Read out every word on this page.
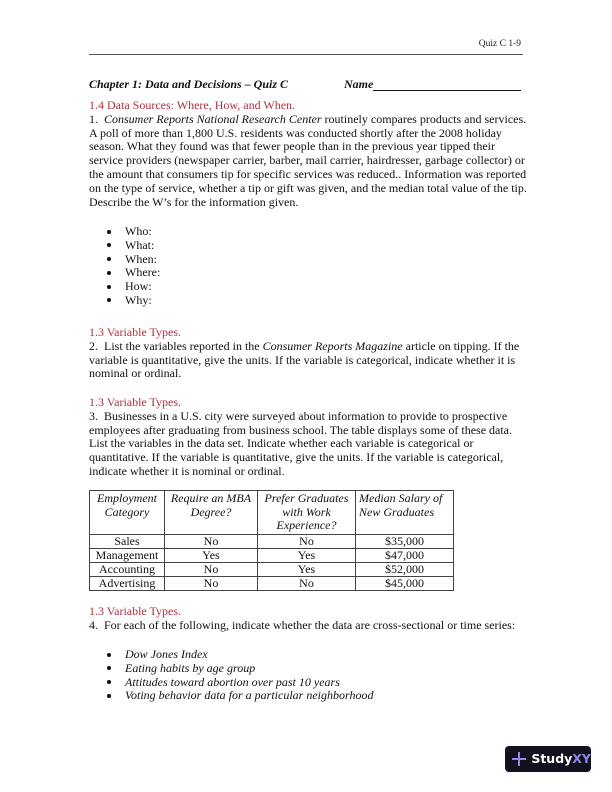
Quiz C 1-9
Chapter 1: Data and Decisions – Quiz C	Name
1.4 Data Sources: Where, How, and When.
1. Consumer Reports National Research Center routinely compares products and services. A poll of more than 1,800 U.S. residents was conducted shortly after the 2008 holiday season. What they found was that fewer people than in the previous year tipped their service providers (newspaper carrier, barber, mail carrier, hairdresser, garbage collector) or the amount that consumers tip for specific services was reduced.. Information was reported on the type of service, whether a tip or gift was given, and the median total value of the tip. Describe the W’s for the information given.
Who:
What:
When:
Where:
How:
Why:
1.3 Variable Types.
2. List the variables reported in the Consumer Reports Magazine article on tipping. If the variable is quantitative, give the units. If the variable is categorical, indicate whether it is nominal or ordinal.
1.3 Variable Types.
3. Businesses in a U.S. city were surveyed about information to provide to prospective employees after graduating from business school. The table displays some of these data. List the variables in the data set. Indicate whether each variable is categorical or quantitative. If the variable is quantitative, give the units. If the variable is categorical, indicate whether it is nominal or ordinal.
Employment Category	Require an MBA Degree?	Prefer Graduates with Work Experience?	Median Salary of New Graduates
Sales	No	No	$35,000
Management	Yes	Yes	$47,000
Accounting	No	Yes	$52,000
Advertising	No	No	$45,000
1.3 Variable Types.
4. For each of the following, indicate whether the data are cross-sectional or time series:
Dow Jones Index
Eating habits by age group
Attitudes toward abortion over past 10 years
Voting behavior data for a particular neighborhood
Study XY
